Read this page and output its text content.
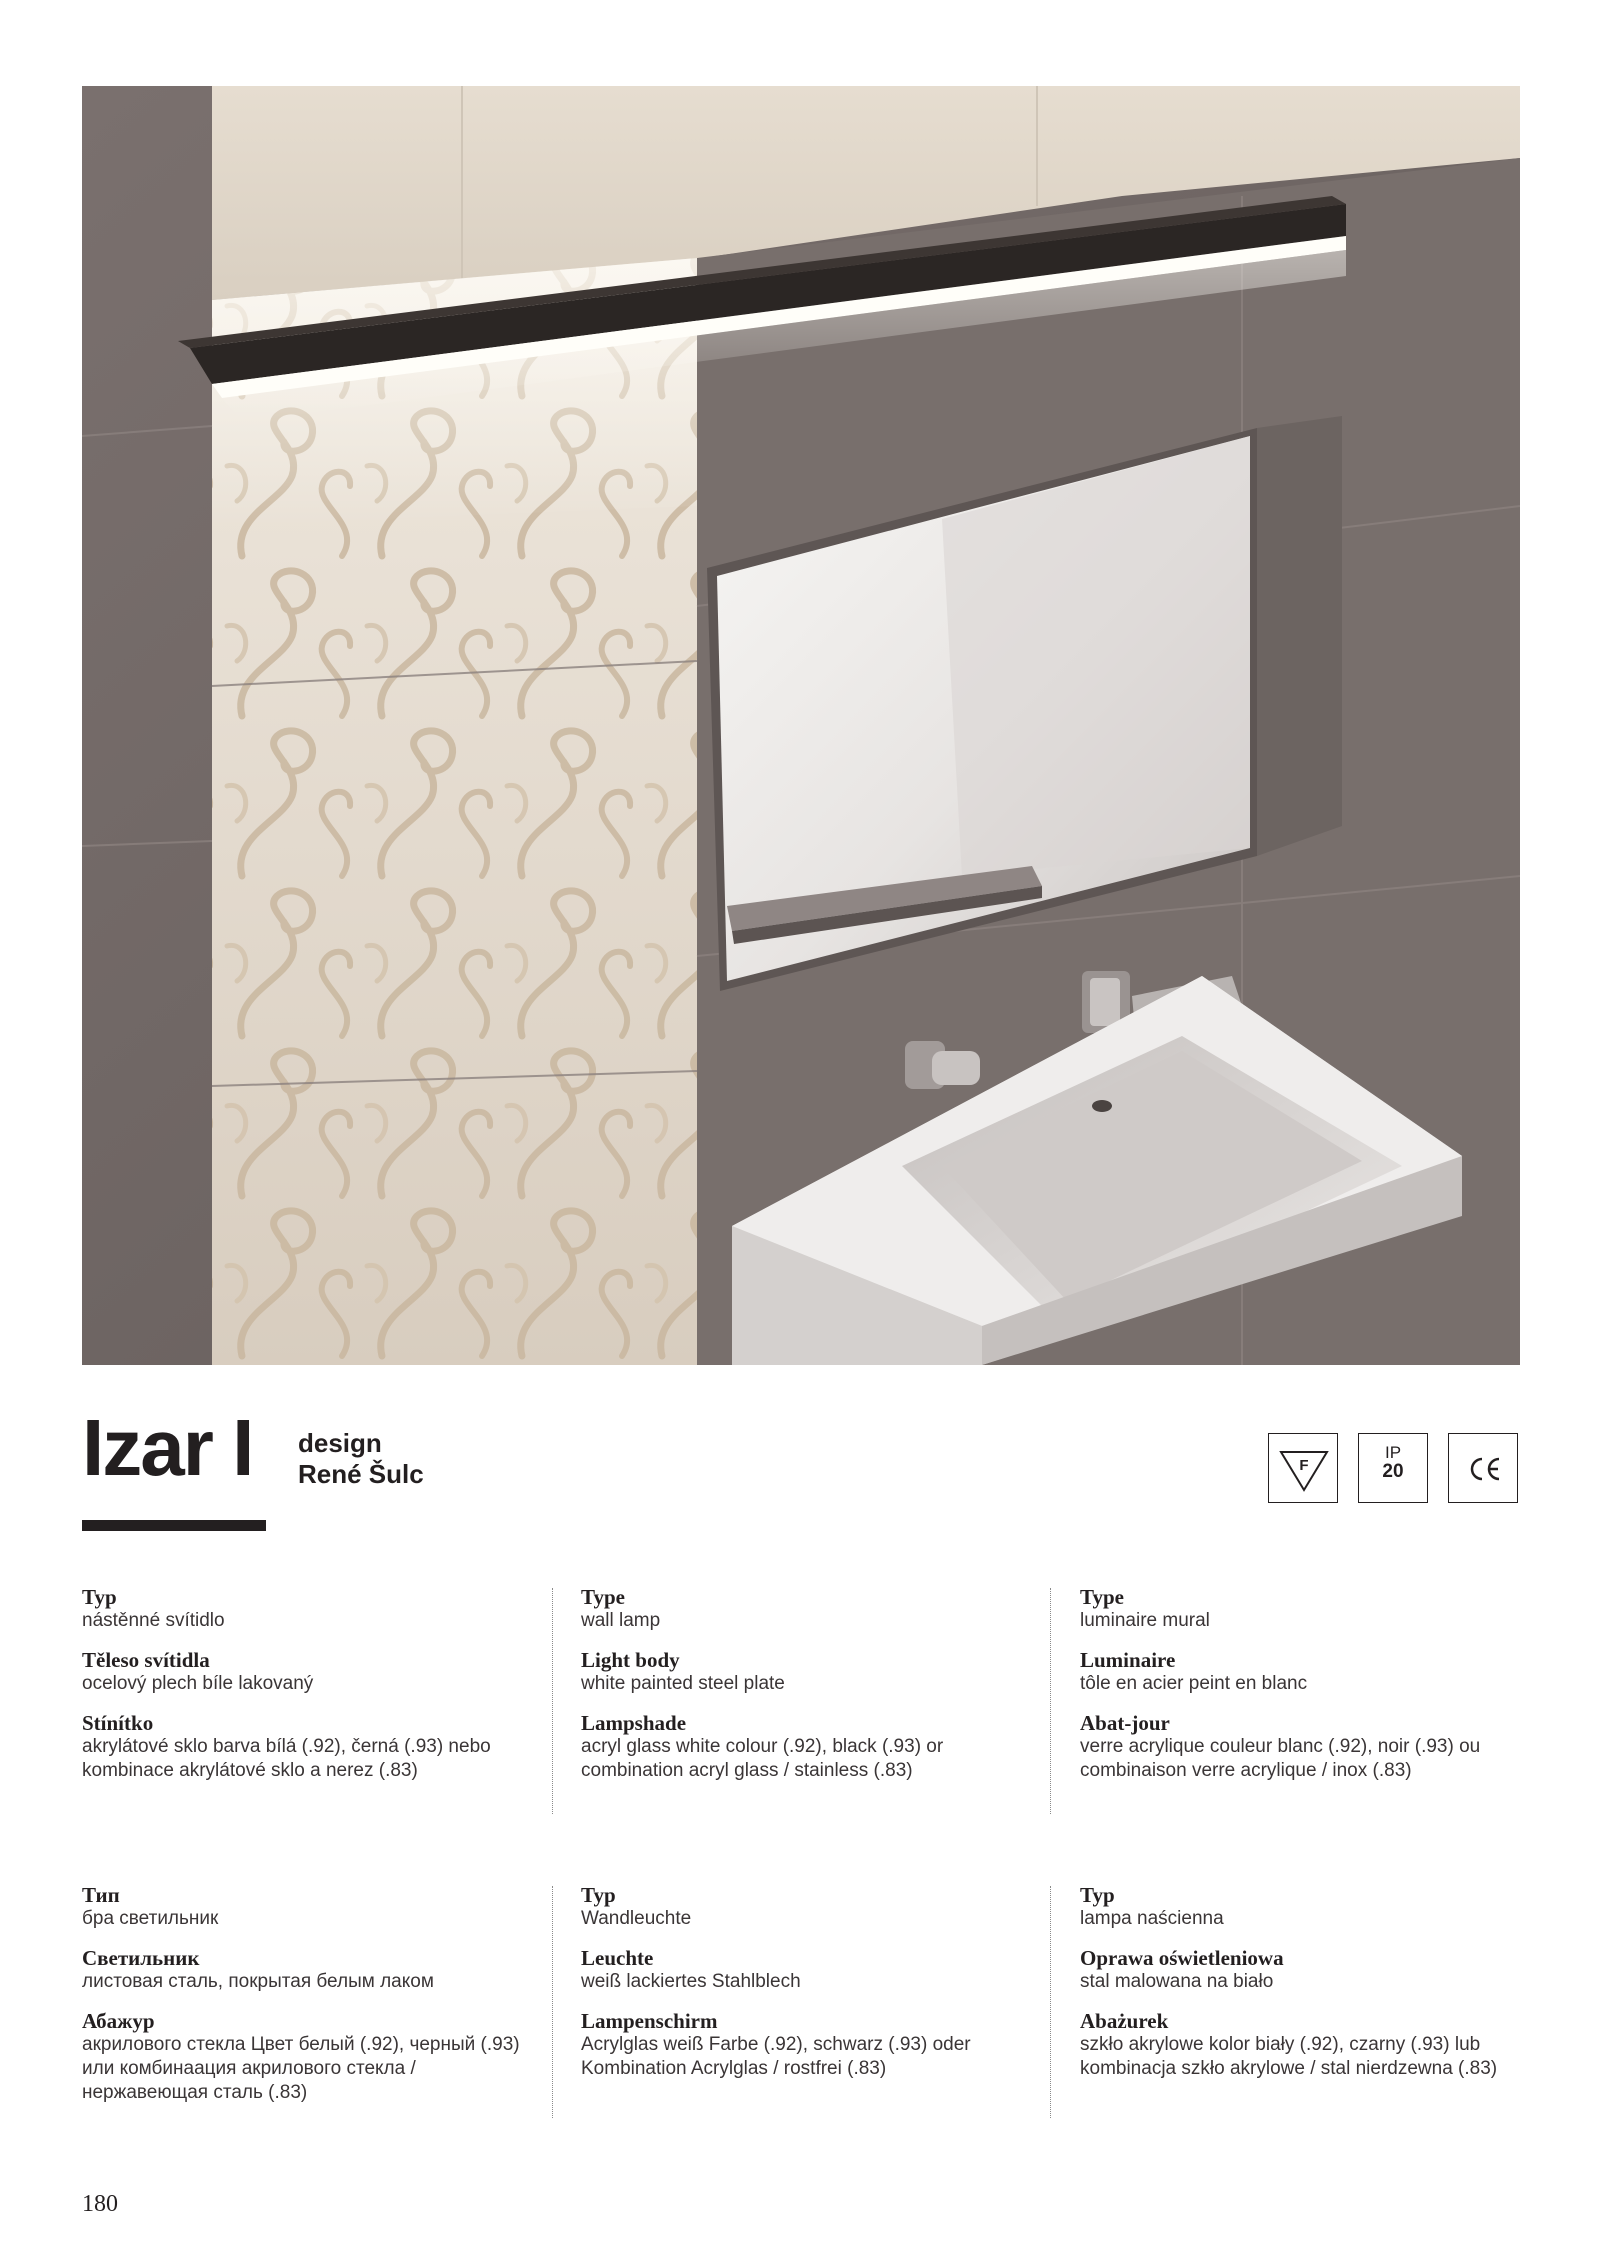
Izar I design
René Šulc	F
IP
20
Typ
nástěnné svítidlo
Těleso svítidla
ocelový plech bíle lakovaný
Stínítko
akrylátové sklo barva bílá (.92), černá (.93) nebo kombinace akrylátové sklo a nerez (.83)
Type
wall lamp
Light body
white painted steel plate
Lampshade
acryl glass white colour (.92), black (.93) or combination acryl glass / stainless (.83)
Type
luminaire mural
Luminaire
tôle en acier peint en blanc
Abat-jour
verre acrylique couleur blanc (.92), noir (.93) ou combinaison verre acrylique / inox (.83)
Тип
бра светильник
Светильник
листовая сталь, покрытая белым лаком
Абажур
акрилового стекла Цвет белый (.92), черный (.93) или комбинаация акрилового стекла / нержавеющая сталь (.83)
Typ
Wandleuchte
Leuchte
weiß lackiertes Stahlblech
Lampenschirm
Acrylglas weiß Farbe (.92), schwarz (.93) oder Kombination Acrylglas / rostfrei (.83)
Typ
lampa naścienna
Oprawa oświetleniowa
stal malowana na biało
Abażurek
szkło akrylowe kolor biały (.92), czarny (.93) lub kombinacja szkło akrylowe / stal nierdzewna (.83)
180
